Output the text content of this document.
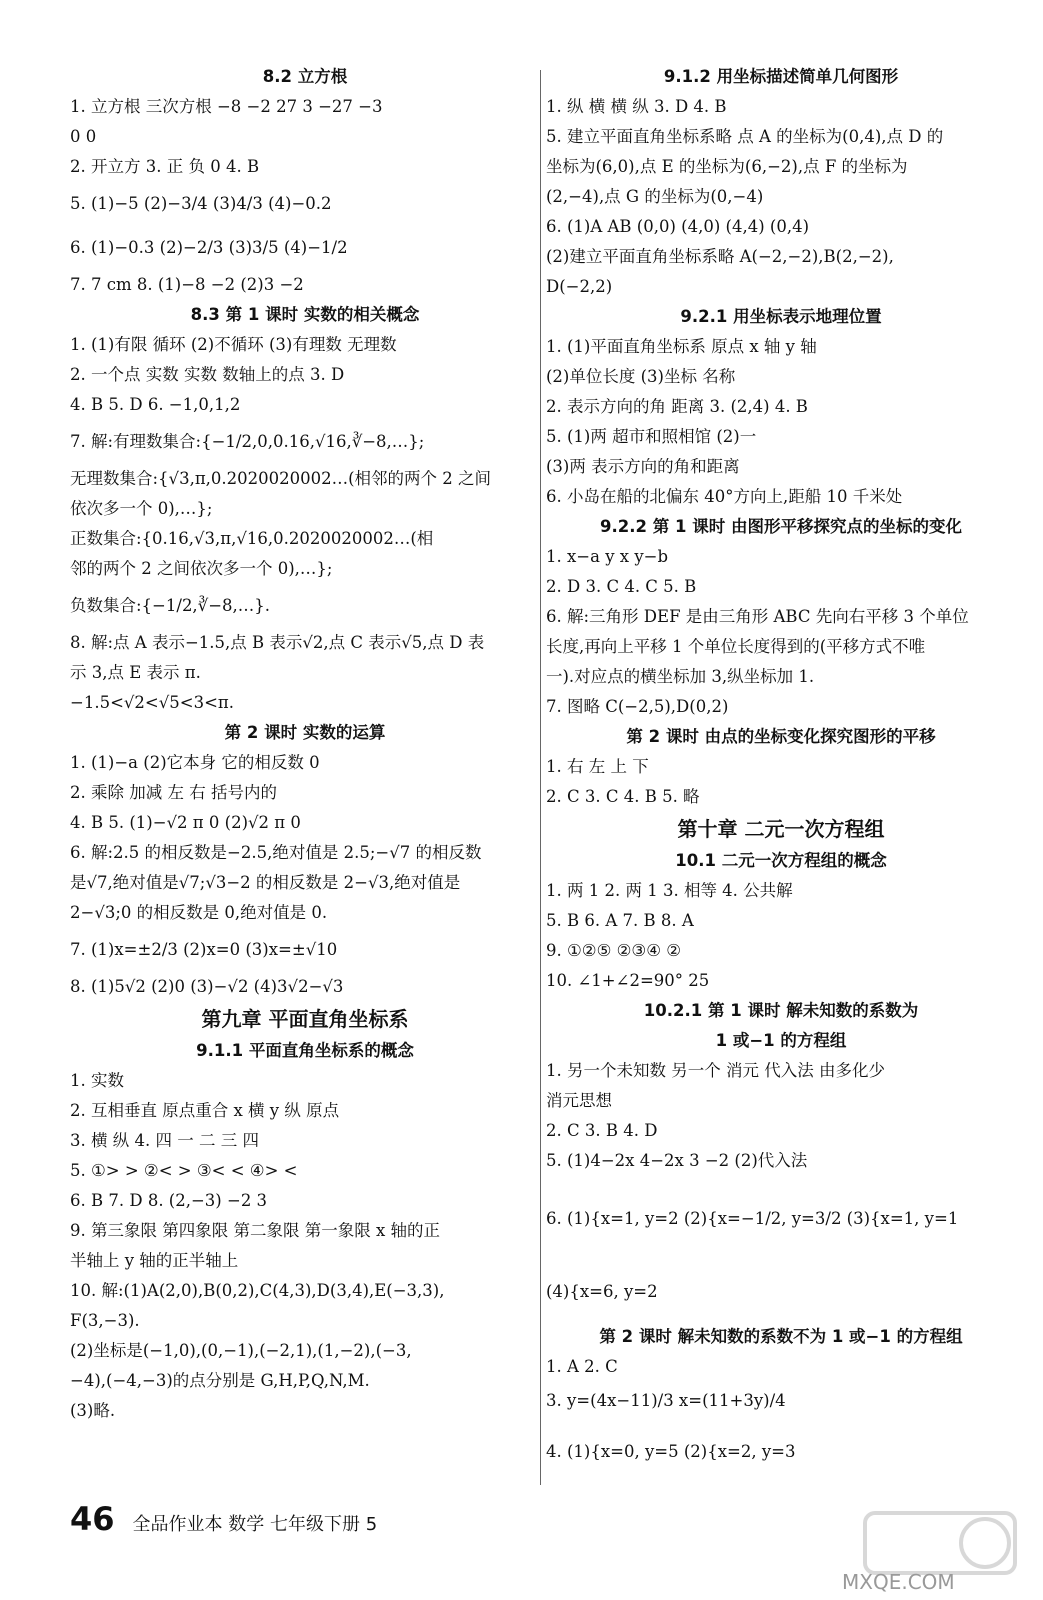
8.2 立方根
1. 立方根 三次方根 −8 −2 27 3 −27 −3
0 0
2. 开立方 3. 正 负 0 4. B
5. (1)−5 (2)−3/4 (3)4/3 (4)−0.2
6. (1)−0.3 (2)−2/3 (3)3/5 (4)−1/2
7. 7 cm 8. (1)−8 −2 (2)3 −2
8.3 第 1 课时 实数的相关概念
1. (1)有限 循环 (2)不循环 (3)有理数 无理数
2. 一个点 实数 实数 数轴上的点 3. D
4. B 5. D 6. −1,0,1,2
7. 解:有理数集合:{−1/2,0,0.16,√16,∛−8,…};
无理数集合:{√3,π,0.2020020002…(相邻的两个 2 之间
依次多一个 0),…};
正数集合:{0.16,√3,π,√16,0.2020020002…(相
邻的两个 2 之间依次多一个 0),…};
负数集合:{−1/2,∛−8,…}.
8. 解:点 A 表示−1.5,点 B 表示√2,点 C 表示√5,点 D 表
示 3,点 E 表示 π.
−1.5<√2<√5<3<π.
第 2 课时 实数的运算
1. (1)−a (2)它本身 它的相反数 0
2. 乘除 加减 左 右 括号内的
4. B 5. (1)−√2 π 0 (2)√2 π 0
6. 解:2.5 的相反数是−2.5,绝对值是 2.5;−√7 的相反数
是√7,绝对值是√7;√3−2 的相反数是 2−√3,绝对值是
2−√3;0 的相反数是 0,绝对值是 0.
7. (1)x=±2/3 (2)x=0 (3)x=±√10
8. (1)5√2 (2)0 (3)−√2 (4)3√2−√3
第九章 平面直角坐标系
9.1.1 平面直角坐标系的概念
1. 实数
2. 互相垂直 原点重合 x 横 y 纵 原点
3. 横 纵 4. 四 一 二 三 四
5. ①> > ②< > ③< < ④> <
6. B 7. D 8. (2,−3) −2 3
9. 第三象限 第四象限 第二象限 第一象限 x 轴的正
半轴上 y 轴的正半轴上
10. 解:(1)A(2,0),B(0,2),C(4,3),D(3,4),E(−3,3),
F(3,−3).
(2)坐标是(−1,0),(0,−1),(−2,1),(1,−2),(−3,
−4),(−4,−3)的点分别是 G,H,P,Q,N,M.
(3)略.
9.1.2 用坐标描述简单几何图形
1. 纵 横 横 纵 3. D 4. B
5. 建立平面直角坐标系略 点 A 的坐标为(0,4),点 D 的
坐标为(6,0),点 E 的坐标为(6,−2),点 F 的坐标为
(2,−4),点 G 的坐标为(0,−4)
6. (1)A AB (0,0) (4,0) (4,4) (0,4)
(2)建立平面直角坐标系略 A(−2,−2),B(2,−2),
D(−2,2)
9.2.1 用坐标表示地理位置
1. (1)平面直角坐标系 原点 x 轴 y 轴
(2)单位长度 (3)坐标 名称
2. 表示方向的角 距离 3. (2,4) 4. B
5. (1)两 超市和照相馆 (2)一
(3)两 表示方向的角和距离
6. 小岛在船的北偏东 40°方向上,距船 10 千米处
9.2.2 第 1 课时 由图形平移探究点的坐标的变化
1. x−a y x y−b
2. D 3. C 4. C 5. B
6. 解:三角形 DEF 是由三角形 ABC 先向右平移 3 个单位
长度,再向上平移 1 个单位长度得到的(平移方式不唯
一).对应点的横坐标加 3,纵坐标加 1.
7. 图略 C(−2,5),D(0,2)
第 2 课时 由点的坐标变化探究图形的平移
1. 右 左 上 下
2. C 3. C 4. B 5. 略
第十章 二元一次方程组
10.1 二元一次方程组的概念
1. 两 1 2. 两 1 3. 相等 4. 公共解
5. B 6. A 7. B 8. A
9. ①②⑤ ②③④ ②
10. ∠1+∠2=90° 25
10.2.1 第 1 课时 解未知数的系数为
1 或−1 的方程组
1. 另一个未知数 另一个 消元 代入法 由多化少
消元思想
2. C 3. B 4. D
5. (1)4−2x 4−2x 3 −2 (2)代入法
6. (1){x=1, y=2 (2){x=−1/2, y=3/2 (3){x=1, y=1
(4){x=6, y=2
第 2 课时 解未知数的系数不为 1 或−1 的方程组
1. A 2. C
3. y=(4x−11)/3 x=(11+3y)/4
4. (1){x=0, y=5 (2){x=2, y=3
46 全品作业本 数学 七年级下册 5
MXQE.COM
